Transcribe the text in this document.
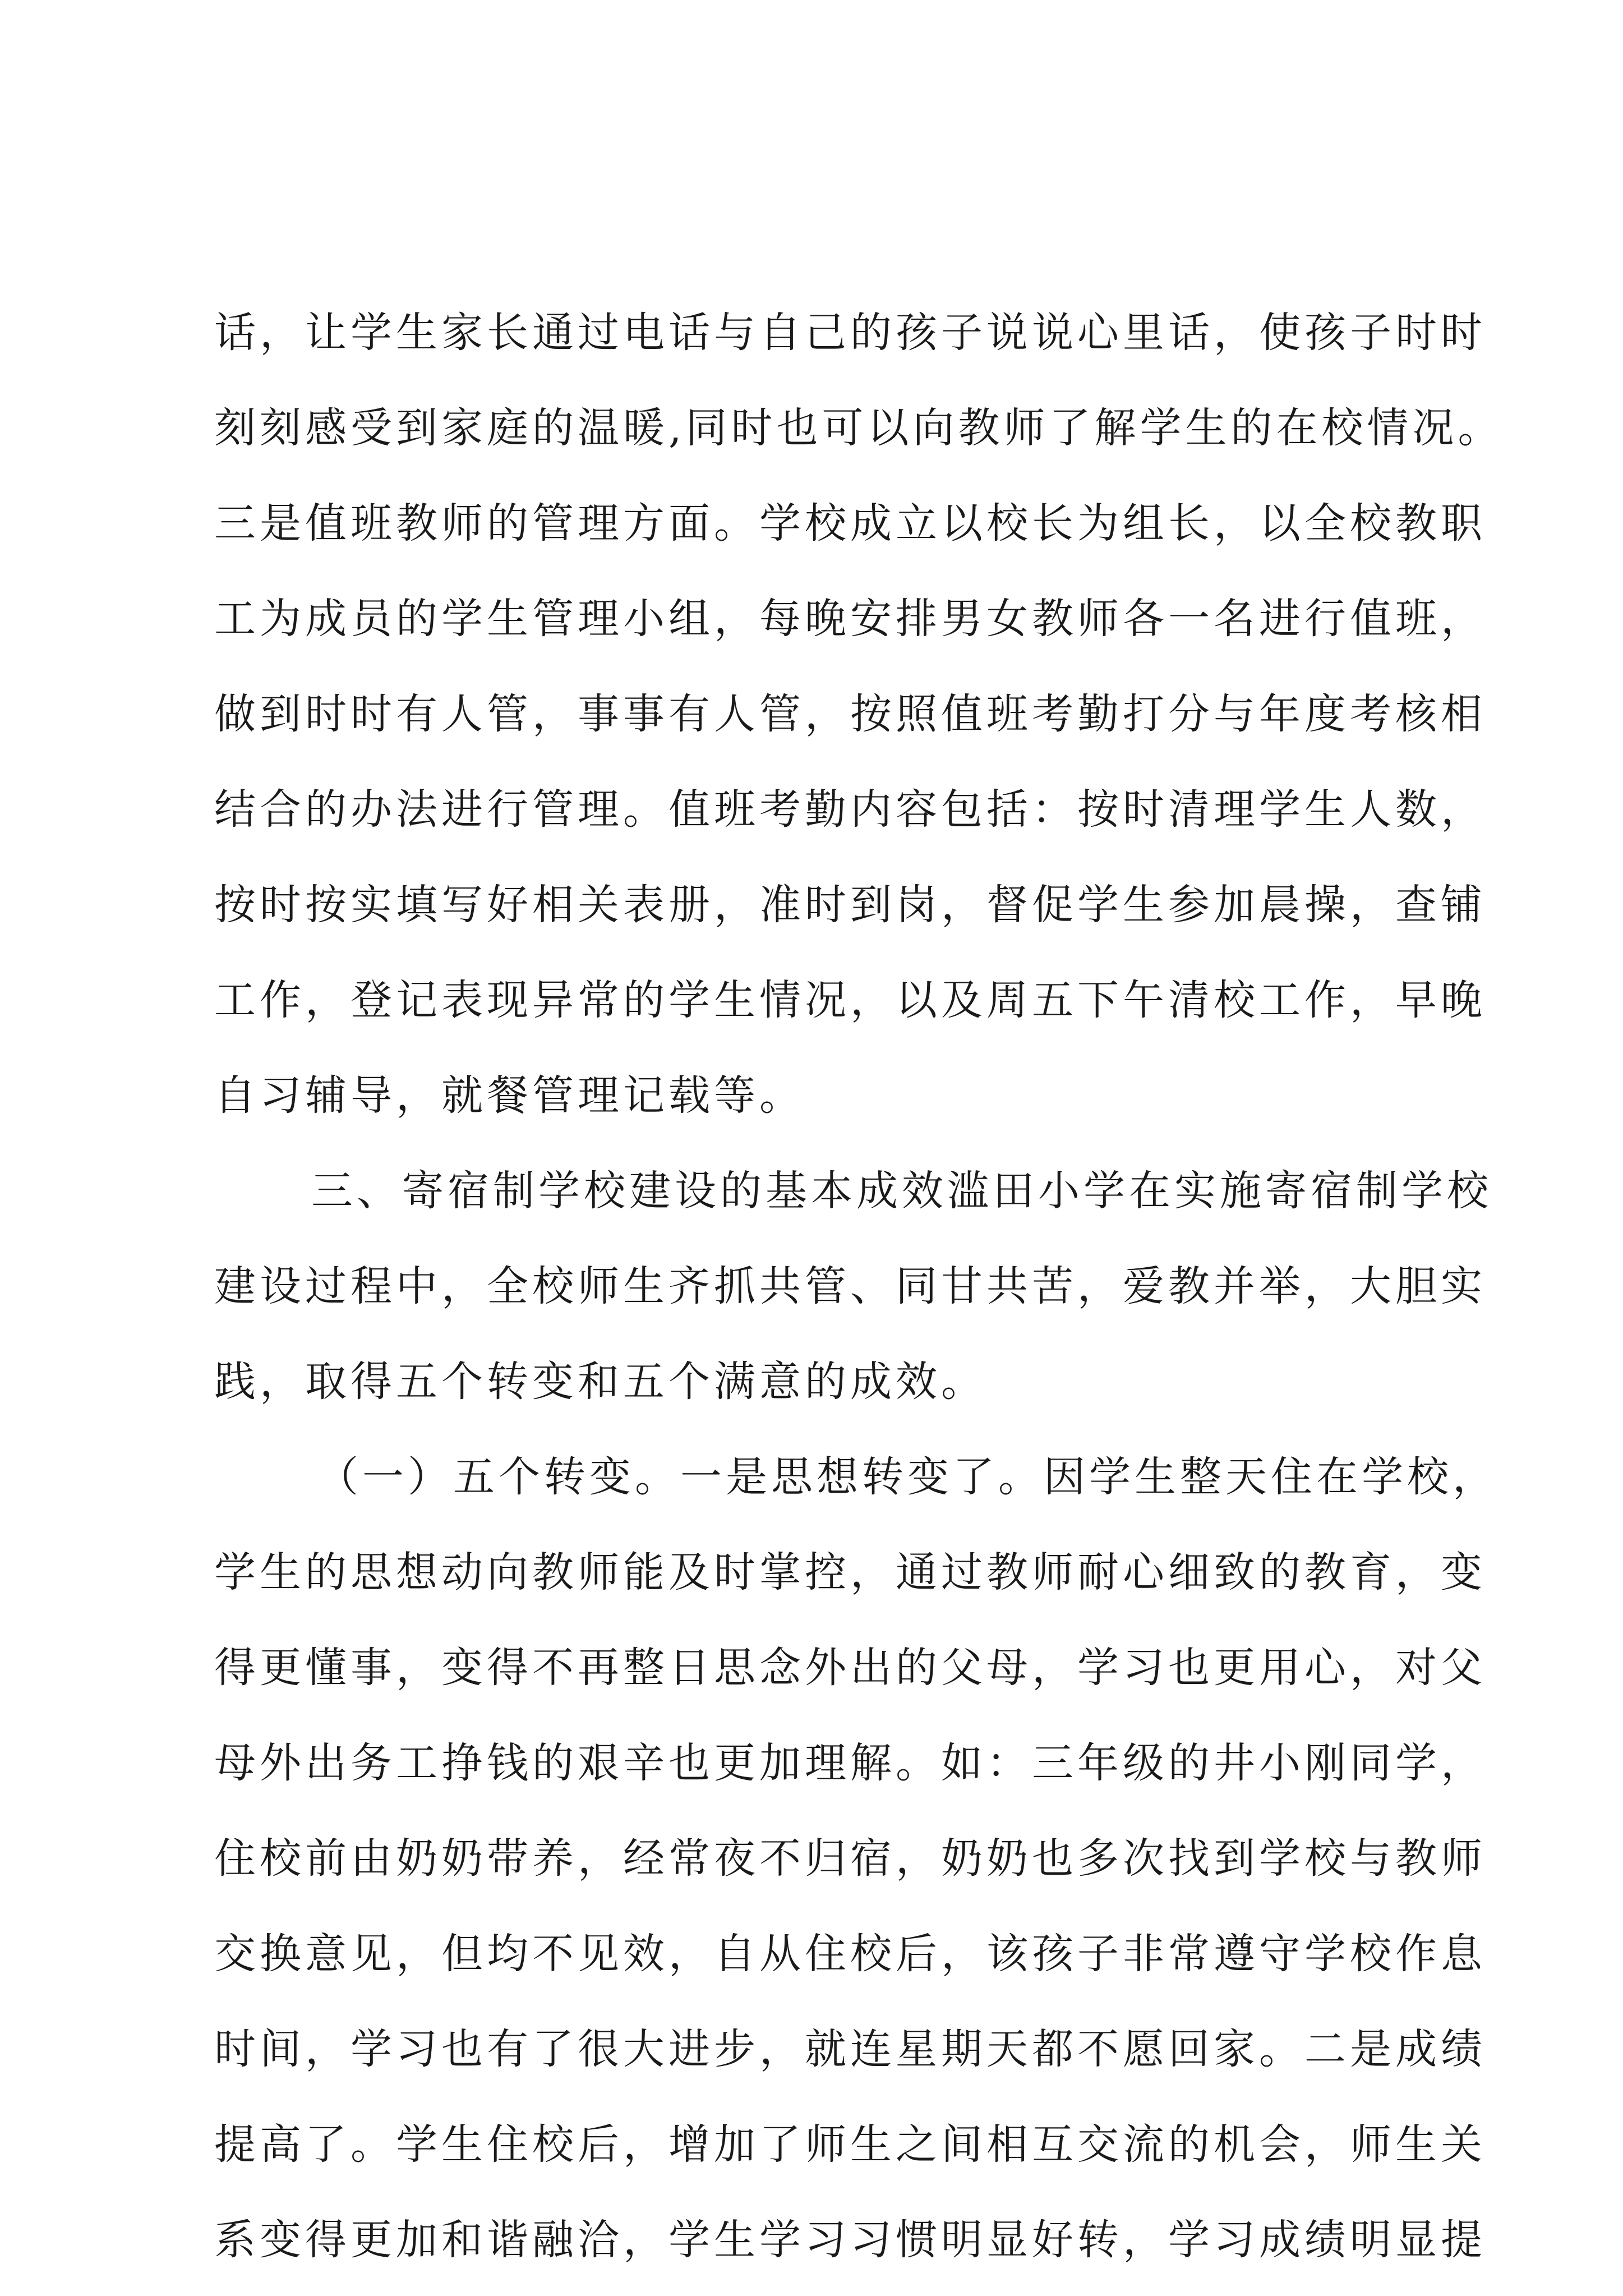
话，让学生家长通过电话与自己的孩子说说心里话，使孩子时时
刻刻感受到家庭的温暖,同时也可以向教师了解学生的在校情况。
三是值班教师的管理方面。学校成立以校长为组长，以全校教职
工为成员的学生管理小组，每晚安排男女教师各一名进行值班，
做到时时有人管，事事有人管，按照值班考勤打分与年度考核相
结合的办法进行管理。值班考勤内容包括：按时清理学生人数，
按时按实填写好相关表册，准时到岗，督促学生参加晨操，查铺
工作，登记表现异常的学生情况，以及周五下午清校工作，早晚
自习辅导，就餐管理记载等。
三、寄宿制学校建设的基本成效滥田小学在实施寄宿制学校
建设过程中，全校师生齐抓共管、同甘共苦，爱教并举，大胆实
践，取得五个转变和五个满意的成效。
（一）五个转变。一是思想转变了。因学生整天住在学校，
学生的思想动向教师能及时掌控，通过教师耐心细致的教育，变
得更懂事，变得不再整日思念外出的父母，学习也更用心，对父
母外出务工挣钱的艰辛也更加理解。如：三年级的井小刚同学，
住校前由奶奶带养，经常夜不归宿，奶奶也多次找到学校与教师
交换意见，但均不见效，自从住校后，该孩子非常遵守学校作息
时间，学习也有了很大进步，就连星期天都不愿回家。二是成绩
提高了。学生住校后，增加了师生之间相互交流的机会，师生关
系变得更加和谐融洽，学生学习习惯明显好转，学习成绩明显提
